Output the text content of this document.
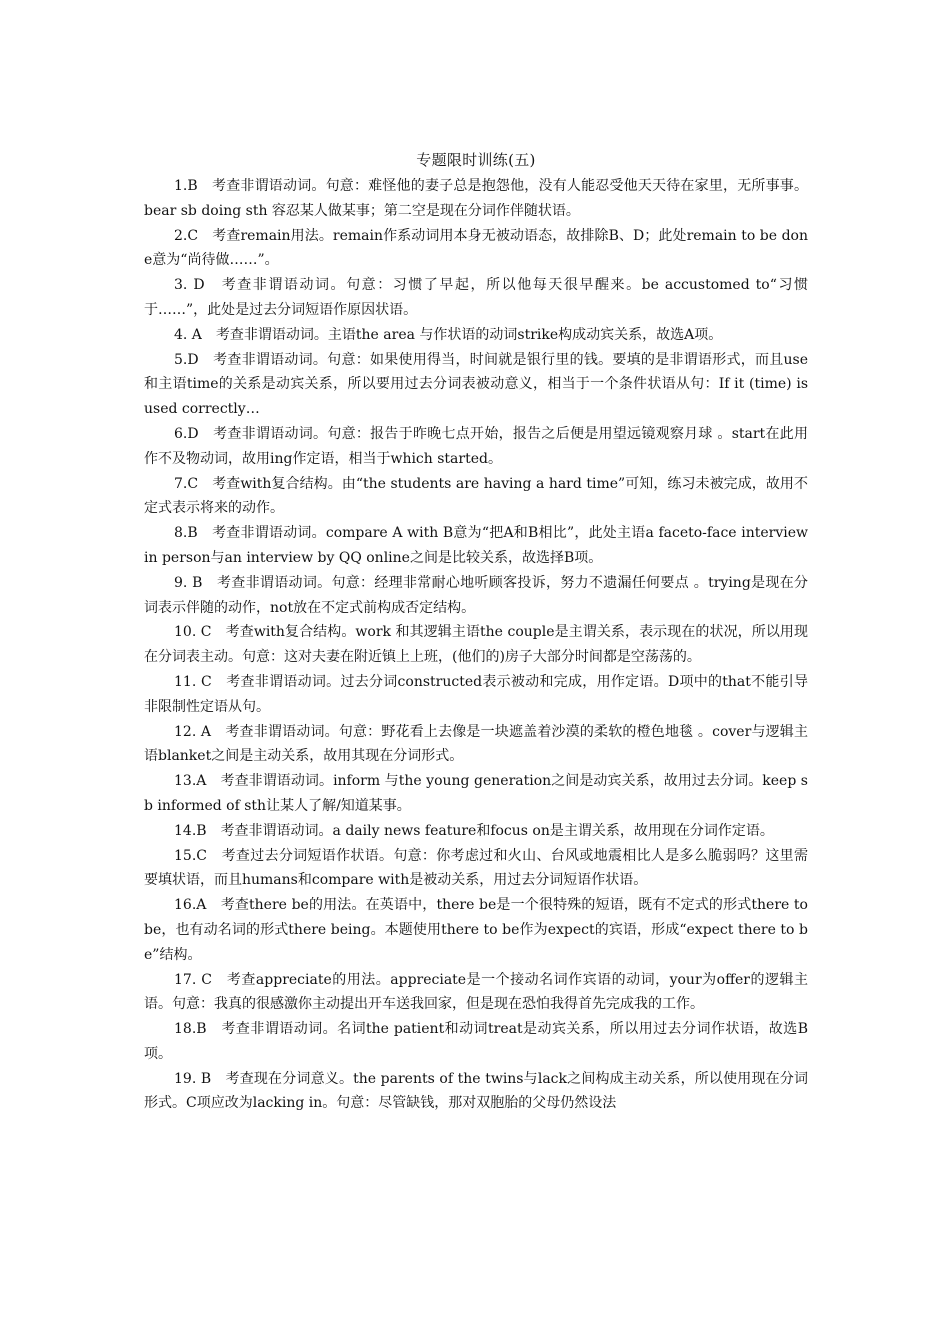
专题限时训练(五)

1.B　考查非谓语动词。句意：难怪他的妻子总是抱怨他，没有人能忍受他天天待在家里，无所事事。bear sb doing sth 容忍某人做某事；第二空是现在分词作伴随状语。

2.C　考查remain用法。remain作系动词用本身无被动语态，故排除B、D；此处remain to be done意为“尚待做……”。

3. D　考查非谓语动词。句意：习惯了早起，所以他每天很早醒来。be accustomed to“习惯于……”，此处是过去分词短语作原因状语。

4. A　考查非谓语动词。主语the area 与作状语的动词strike构成动宾关系，故选A项。

5.D　考查非谓语动词。句意：如果使用得当，时间就是银行里的钱。要填的是非谓语形式，而且use和主语time的关系是动宾关系，所以要用过去分词表被动意义，相当于一个条件状语从句：If it (time) is used correctly…

6.D　考查非谓语动词。句意：报告于昨晚七点开始，报告之后便是用望远镜观察月球 。start在此用作不及物动词，故用ing作定语，相当于which started。

7.C　考查with复合结构。由“the students are having a hard time”可知，练习未被完成，故用不定式表示将来的动作。

8.B　考查非谓语动词。compare A with B意为“把A和B相比”，此处主语a faceto-face interview in person与an interview by QQ online之间是比较关系，故选择B项。

9. B　考查非谓语动词。句意：经理非常耐心地听顾客投诉，努力不遗漏任何要点 。trying是现在分词表示伴随的动作，not放在不定式前构成否定结构。

10. C　考查with复合结构。work 和其逻辑主语the couple是主谓关系，表示现在的状况，所以用现在分词表主动。句意：这对夫妻在附近镇上上班，(他们的)房子大部分时间都是空荡荡的。

11. C　考查非谓语动词。过去分词constructed表示被动和完成，用作定语。D项中的that不能引导非限制性定语从句。

12. A　考查非谓语动词。句意：野花看上去像是一块遮盖着沙漠的柔软的橙色地毯 。cover与逻辑主语blanket之间是主动关系，故用其现在分词形式。

13.A　考查非谓语动词。inform 与the young generation之间是动宾关系，故用过去分词。keep sb informed of sth让某人了解/知道某事。

14.B　考查非谓语动词。a daily news feature和focus on是主谓关系，故用现在分词作定语。

15.C　考查过去分词短语作状语。句意：你考虑过和火山、台风或地震相比人是多么脆弱吗？这里需要填状语，而且humans和compare with是被动关系，用过去分词短语作状语。

16.A　考查there be的用法。在英语中，there be是一个很特殊的短语，既有不定式的形式there to be，也有动名词的形式there being。本题使用there to be作为expect的宾语，形成“expect there to be”结构。

17. C　考查appreciate的用法。appreciate是一个接动名词作宾语的动词，your为offer的逻辑主语。句意：我真的很感激你主动提出开车送我回家，但是现在恐怕我得首先完成我的工作。

18.B　考查非谓语动词。名词the patient和动词treat是动宾关系，所以用过去分词作状语，故选B项。

19. B　考查现在分词意义。the parents of the twins与lack之间构成主动关系，所以使用现在分词形式。C项应改为lacking in。句意：尽管缺钱，那对双胞胎的父母仍然设法
